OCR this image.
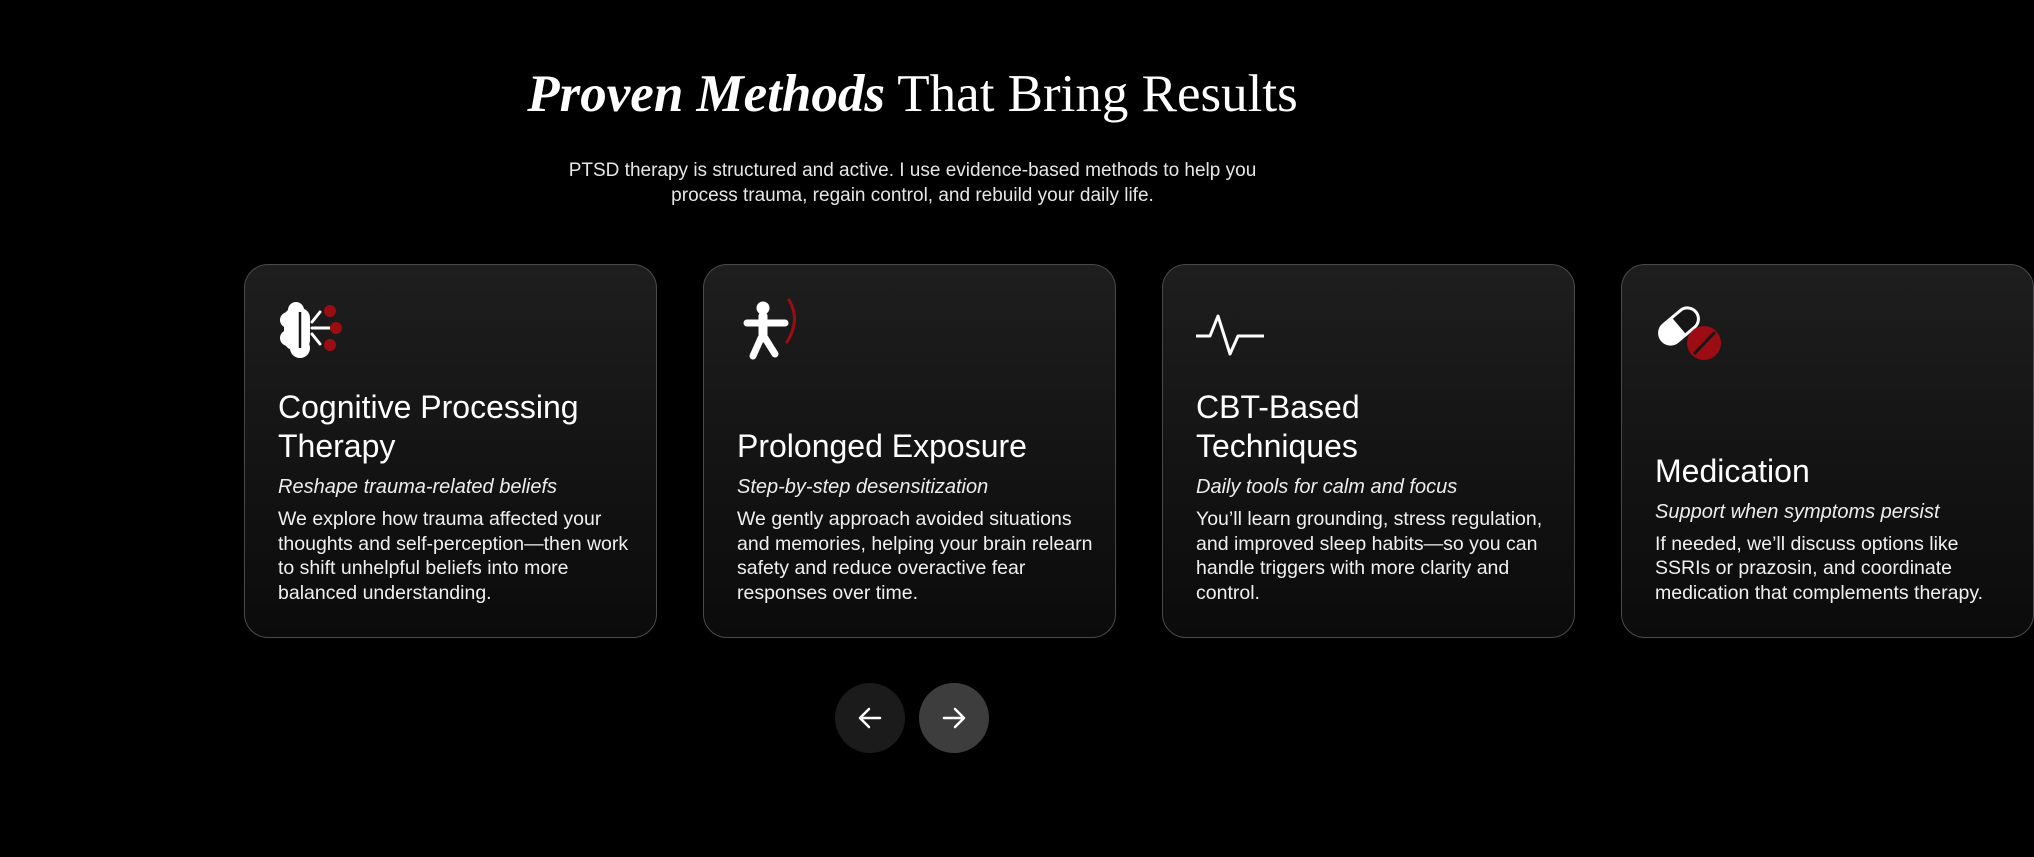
Proven Methods That Bring Results

PTSD therapy is structured and active. I use evidence-based methods to help you
process trauma, regain control, and rebuild your daily life.

Cognitive Processing Therapy

Reshape trauma-related beliefs

We explore how trauma affected your thoughts and self-perception—then work to shift unhelpful beliefs into more balanced understanding.

Prolonged Exposure

Step-by-step desensitization

We gently approach avoided situations and memories, helping your brain relearn safety and reduce overactive fear responses over time.

CBT-Based Techniques

Daily tools for calm and focus

You’ll learn grounding, stress regulation, and improved sleep habits—so you can handle triggers with more clarity and control.

Medication

Support when symptoms persist

If needed, we’ll discuss options like SSRIs or prazosin, and coordinate medication that complements therapy.
